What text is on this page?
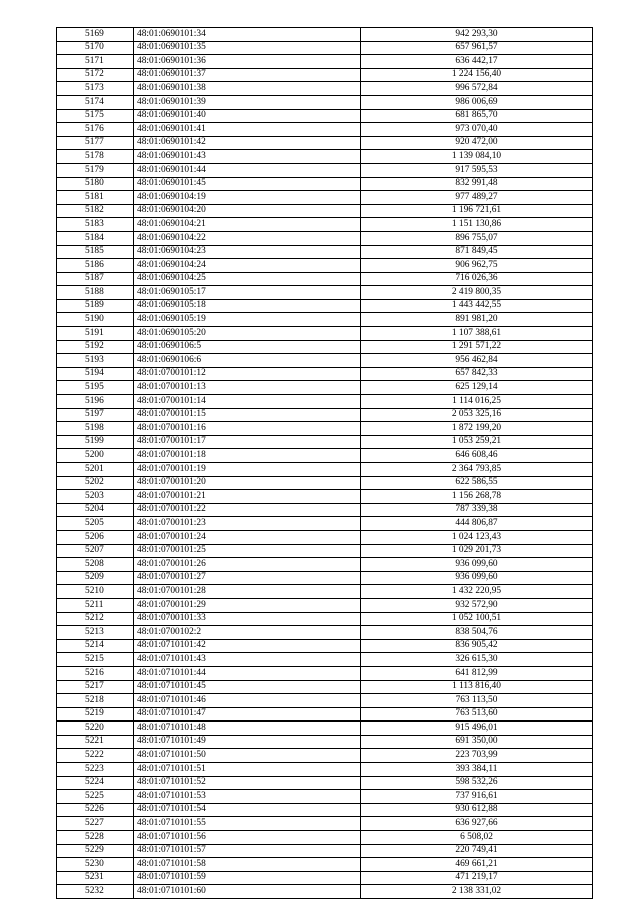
5169	48:01:0690101:34	942 293,30
5170	48:01:0690101:35	657 961,57
5171	48:01:0690101:36	636 442,17
5172	48:01:0690101:37	1 224 156,40
5173	48:01:0690101:38	996 572,84
5174	48:01:0690101:39	986 006,69
5175	48:01:0690101:40	681 865,70
5176	48:01:0690101:41	973 070,40
5177	48:01:0690101:42	920 472,00
5178	48:01:0690101:43	1 139 084,10
5179	48:01:0690101:44	917 595,53
5180	48:01:0690101:45	832 991,48
5181	48:01:0690104:19	977 489,27
5182	48:01:0690104:20	1 196 721,61
5183	48:01:0690104:21	1 151 130,86
5184	48:01:0690104:22	896 755,07
5185	48:01:0690104:23	871 849,45
5186	48:01:0690104:24	906 962,75
5187	48:01:0690104:25	716 026,36
5188	48:01:0690105:17	2 419 800,35
5189	48:01:0690105:18	1 443 442,55
5190	48:01:0690105:19	891 981,20
5191	48:01:0690105:20	1 107 388,61
5192	48:01:0690106:5	1 291 571,22
5193	48:01:0690106:6	956 462,84
5194	48:01:0700101:12	657 842,33
5195	48:01:0700101:13	625 129,14
5196	48:01:0700101:14	1 114 016,25
5197	48:01:0700101:15	2 053 325,16
5198	48:01:0700101:16	1 872 199,20
5199	48:01:0700101:17	1 053 259,21
5200	48:01:0700101:18	646 608,46
5201	48:01:0700101:19	2 364 793,85
5202	48:01:0700101:20	622 586,55
5203	48:01:0700101:21	1 156 268,78
5204	48:01:0700101:22	787 339,38
5205	48:01:0700101:23	444 806,87
5206	48:01:0700101:24	1 024 123,43
5207	48:01:0700101:25	1 029 201,73
5208	48:01:0700101:26	936 099,60
5209	48:01:0700101:27	936 099,60
5210	48:01:0700101:28	1 432 220,95
5211	48:01:0700101:29	932 572,90
5212	48:01:0700101:33	1 052 100,51
5213	48:01:0700102:2	838 504,76
5214	48:01:0710101:42	836 905,42
5215	48:01:0710101:43	326 615,30
5216	48:01:0710101:44	641 812,99
5217	48:01:0710101:45	1 113 816,40
5218	48:01:0710101:46	763 113,50
5219	48:01:0710101:47	763 513,60
5220	48:01:0710101:48	915 496,01
5221	48:01:0710101:49	691 350,00
5222	48:01:0710101:50	223 703,99
5223	48:01:0710101:51	393 384,11
5224	48:01:0710101:52	598 532,26
5225	48:01:0710101:53	737 916,61
5226	48:01:0710101:54	930 612,88
5227	48:01:0710101:55	636 927,66
5228	48:01:0710101:56	6 508,02
5229	48:01:0710101:57	220 749,41
5230	48:01:0710101:58	469 661,21
5231	48:01:0710101:59	471 219,17
5232	48:01:0710101:60	2 138 331,02
